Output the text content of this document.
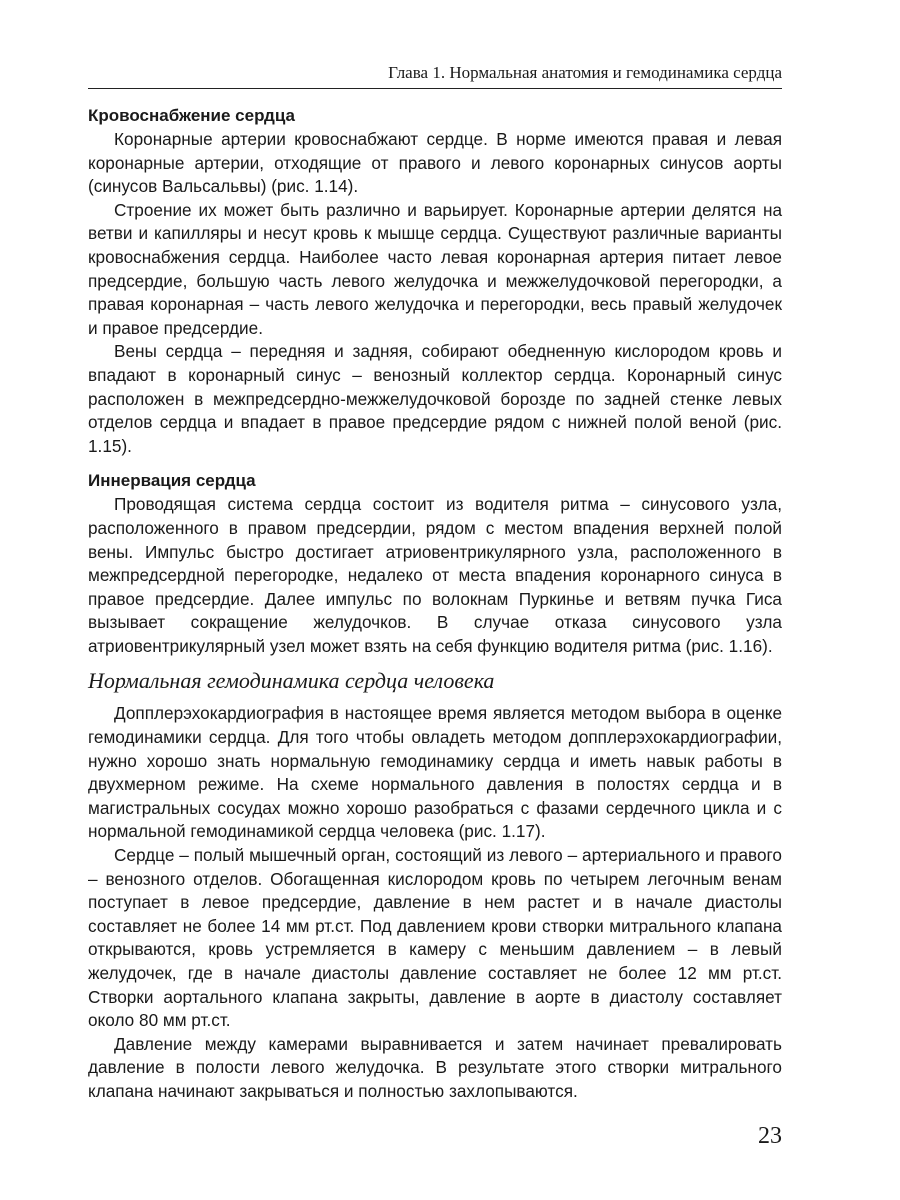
Глава 1. Нормальная анатомия и гемодинамика сердца
Кровоснабжение сердца

Коронарные артерии кровоснабжают сердце. В норме имеются правая и левая коронарные артерии, отходящие от правого и левого коронарных синусов аорты (синусов Вальсальвы) (рис. 1.14).

Строение их может быть различно и варьирует. Коронарные артерии делятся на ветви и капилляры и несут кровь к мышце сердца. Существуют различные варианты кровоснабжения сердца. Наиболее часто левая коронарная артерия питает левое предсердие, большую часть левого желудочка и межжелудочковой перегородки, а правая коронарная – часть левого желудочка и перегородки, весь правый желудочек и правое предсердие.

Вены сердца – передняя и задняя, собирают обедненную кислородом кровь и впадают в коронарный синус – венозный коллектор сердца. Коронарный синус расположен в межпредсердно-межжелудочковой борозде по задней стенке левых отделов сердца и впадает в правое предсердие рядом с нижней полой веной (рис. 1.15).

Иннервация сердца

Проводящая система сердца состоит из водителя ритма – синусового узла, расположенного в правом предсердии, рядом с местом впадения верхней полой вены. Импульс быстро достигает атриовентрикулярного узла, расположенного в межпредсердной перегородке, недалеко от места впадения коронарного синуса в правое предсердие. Далее импульс по волокнам Пуркинье и ветвям пучка Гиса вызывает сокращение желудочков. В случае отказа синусового узла атриовентрикулярный узел может взять на себя функцию водителя ритма (рис. 1.16).

Нормальная гемодинамика сердца человека

Допплерэхокардиография в настоящее время является методом выбора в оценке гемодинамики сердца. Для того чтобы овладеть методом допплерэхокардиографии, нужно хорошо знать нормальную гемодинамику сердца и иметь навык работы в двухмерном режиме. На схеме нормального давления в полостях сердца и в магистральных сосудах можно хорошо разобраться с фазами сердечного цикла и с нормальной гемодинамикой сердца человека (рис. 1.17).

Сердце – полый мышечный орган, состоящий из левого – артериального и правого – венозного отделов. Обогащенная кислородом кровь по четырем легочным венам поступает в левое предсердие, давление в нем растет и в начале диастолы составляет не более 14 мм рт.ст. Под давлением крови створки митрального клапана открываются, кровь устремляется в камеру с меньшим давлением – в левый желудочек, где в начале диастолы давление составляет не более 12 мм рт.ст. Створки аортального клапана закрыты, давление в аорте в диастолу составляет около 80 мм рт.ст.

Давление между камерами выравнивается и затем начинает превалировать давление в полости левого желудочка. В результате этого створки митрального клапана начинают закрываться и полностью захлопываются.

23
